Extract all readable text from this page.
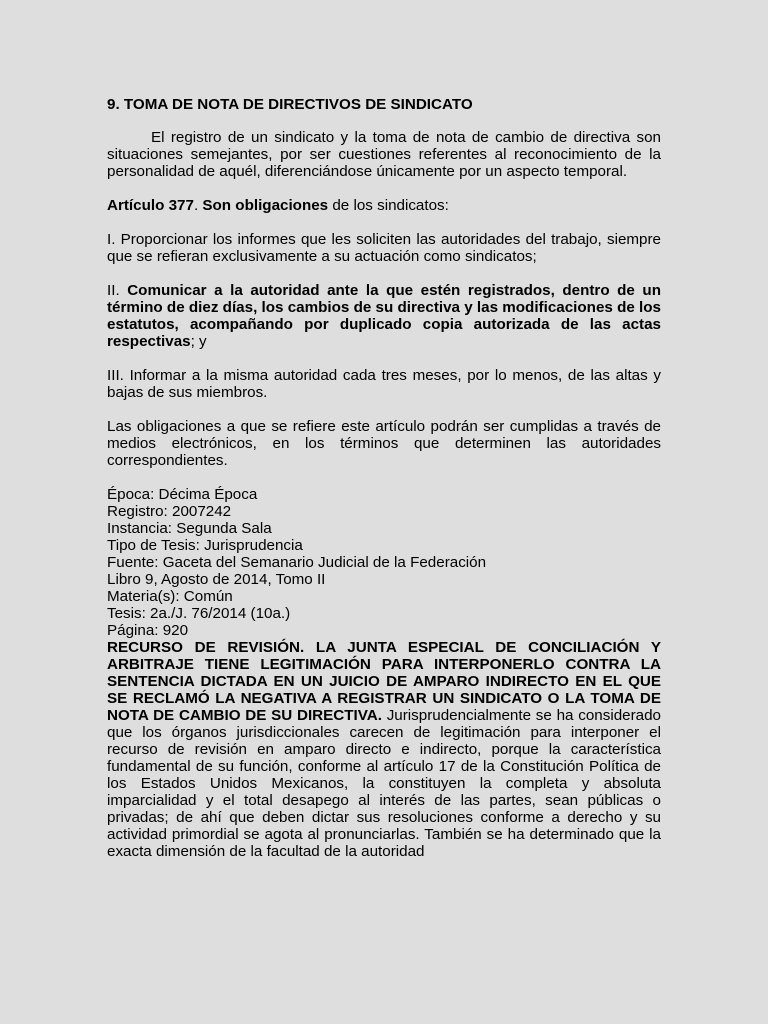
9. TOMA DE NOTA DE DIRECTIVOS DE SINDICATO

El registro de un sindicato y la toma de nota de cambio de directiva son situaciones semejantes, por ser cuestiones referentes al reconocimiento de la personalidad de aquél, diferenciándose únicamente por un aspecto temporal.

Artículo 377. Son obligaciones de los sindicatos:

I. Proporcionar los informes que les soliciten las autoridades del trabajo, siempre que se refieran exclusivamente a su actuación como sindicatos;

II. Comunicar a la autoridad ante la que estén registrados, dentro de un término de diez días, los cambios de su directiva y las modificaciones de los estatutos, acompañando por duplicado copia autorizada de las actas respectivas; y

III. Informar a la misma autoridad cada tres meses, por lo menos, de las altas y bajas de sus miembros.

Las obligaciones a que se refiere este artículo podrán ser cumplidas a través de medios electrónicos, en los términos que determinen las autoridades correspondientes.

Época: Décima Época
Registro: 2007242
Instancia: Segunda Sala
Tipo de Tesis: Jurisprudencia
Fuente: Gaceta del Semanario Judicial de la Federación
Libro 9, Agosto de 2014, Tomo II
Materia(s): Común
Tesis: 2a./J. 76/2014 (10a.)
Página: 920

RECURSO DE REVISIÓN. LA JUNTA ESPECIAL DE CONCILIACIÓN Y ARBITRAJE TIENE LEGITIMACIÓN PARA INTERPONERLO CONTRA LA SENTENCIA DICTADA EN UN JUICIO DE AMPARO INDIRECTO EN EL QUE SE RECLAMÓ LA NEGATIVA A REGISTRAR UN SINDICATO O LA TOMA DE NOTA DE CAMBIO DE SU DIRECTIVA. Jurisprudencialmente se ha considerado que los órganos jurisdiccionales carecen de legitimación para interponer el recurso de revisión en amparo directo e indirecto, porque la característica fundamental de su función, conforme al artículo 17 de la Constitución Política de los Estados Unidos Mexicanos, la constituyen la completa y absoluta imparcialidad y el total desapego al interés de las partes, sean públicas o privadas; de ahí que deben dictar sus resoluciones conforme a derecho y su actividad primordial se agota al pronunciarlas. También se ha determinado que la exacta dimensión de la facultad de la autoridad
